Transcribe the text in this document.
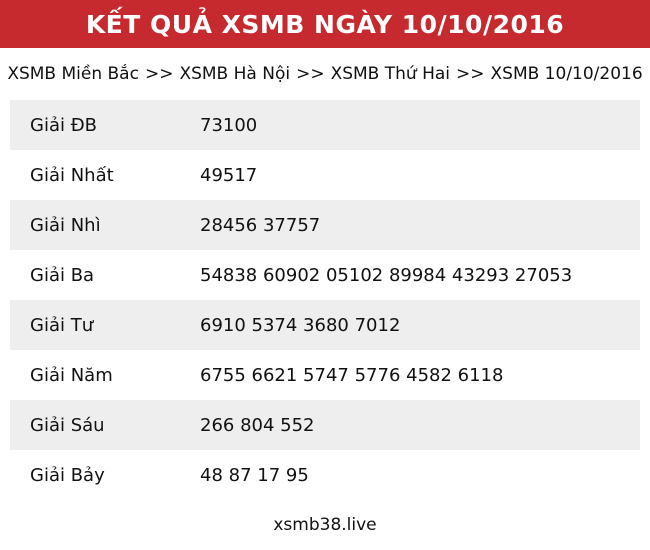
KẾT QUẢ XSMB NGÀY 10/10/2016
XSMB Miền Bắc >> XSMB Hà Nội >> XSMB Thứ Hai >> XSMB 10/10/2016
Giải ĐB	73100
Giải Nhất	49517
Giải Nhì	28456 37757
Giải Ba	54838 60902 05102 89984 43293 27053
Giải Tư	6910 5374 3680 7012
Giải Năm	6755 6621 5747 5776 4582 6118
Giải Sáu	266 804 552
Giải Bảy	48 87 17 95
xsmb38.live
